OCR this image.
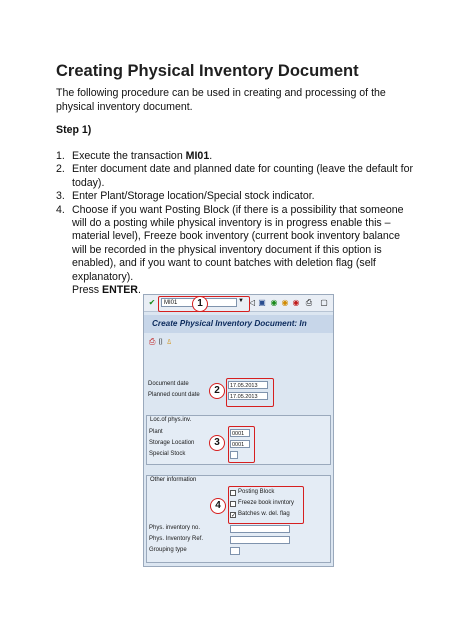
Creating Physical Inventory Document
The following procedure can be used in creating and processing of the physical inventory document.
Step 1)
1. Execute the transaction MI01.
2. Enter document date and planned date for counting (leave the default for today).
3. Enter Plant/Storage location/Special stock indicator.
4. Choose if you want Posting Block (if there is a possibility that someone will do a posting while physical inventory is in progress enable this – material level), Freeze book inventory (current book inventory balance will be recorded in the physical inventory document if this option is enabled), and if you want to count batches with deletion flag (self explanatory).
Press ENTER.
✔	MI01	▼ ◁ ▣ ◉ ◉ ◉ ⎙ ▢
Create Physical Inventory Document: In
⎙ ▯ ♙
Document date	17.05.2013
Planned count date	17.05.2013
Loc.of phys.inv.
Plant	0001
Storage Location	0001
Special Stock
Other information
Posting Block
Freeze book invntory
✓ Batches w. del. flag
Phys. inventory no.
Phys. Inventory Ref.
Grouping type
1
2
3
4
